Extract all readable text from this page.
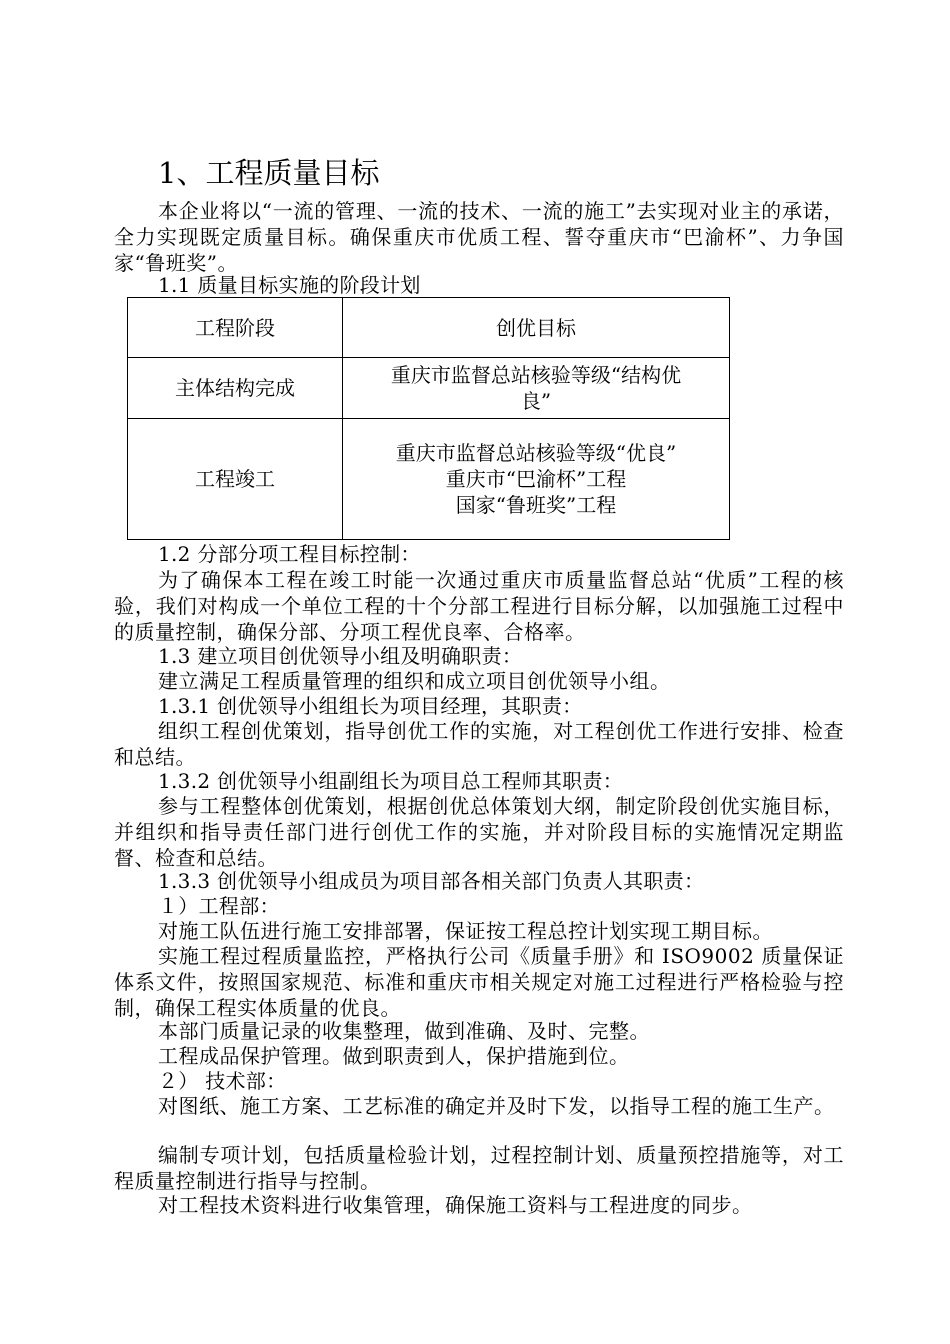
1、工程质量目标
本企业将以“一流的管理、一流的技术、一流的施工”去实现对业主的承诺，全力实现既定质量目标。确保重庆市优质工程、誓夺重庆市“巴渝杯”、力争国家“鲁班奖”。
1.1 质量目标实施的阶段计划
工程阶段	创优目标
主体结构完成	重庆市监督总站核验等级“结构优
良”

工程竣工	重庆市监督总站核验等级“优良”
重庆市“巴渝杯”工程
国家“鲁班奖”工程
1.2 分部分项工程目标控制：
为了确保本工程在竣工时能一次通过重庆市质量监督总站“优质”工程的核验，我们对构成一个单位工程的十个分部工程进行目标分解，以加强施工过程中的质量控制，确保分部、分项工程优良率、合格率。
1.3 建立项目创优领导小组及明确职责：
建立满足工程质量管理的组织和成立项目创优领导小组。
1.3.1 创优领导小组组长为项目经理，其职责：
组织工程创优策划，指导创优工作的实施，对工程创优工作进行安排、检查和总结。
1.3.2 创优领导小组副组长为项目总工程师其职责：
参与工程整体创优策划，根据创优总体策划大纲，制定阶段创优实施目标，并组织和指导责任部门进行创优工作的实施，并对阶段目标的实施情况定期监督、检查和总结。
1.3.3 创优领导小组成员为项目部各相关部门负责人其职责：
１）工程部：
对施工队伍进行施工安排部署，保证按工程总控计划实现工期目标。
实施工程过程质量监控，严格执行公司《质量手册》和 ISO9002 质量保证体系文件，按照国家规范、标准和重庆市相关规定对施工过程进行严格检验与控制，确保工程实体质量的优良。
本部门质量记录的收集整理，做到准确、及时、完整。
工程成品保护管理。做到职责到人，保护措施到位。
２） 技术部：
对图纸、施工方案、工艺标准的确定并及时下发，以指导工程的施工生产。
编制专项计划，包括质量检验计划，过程控制计划、质量预控措施等，对工程质量控制进行指导与控制。
对工程技术资料进行收集管理，确保施工资料与工程进度的同步。
